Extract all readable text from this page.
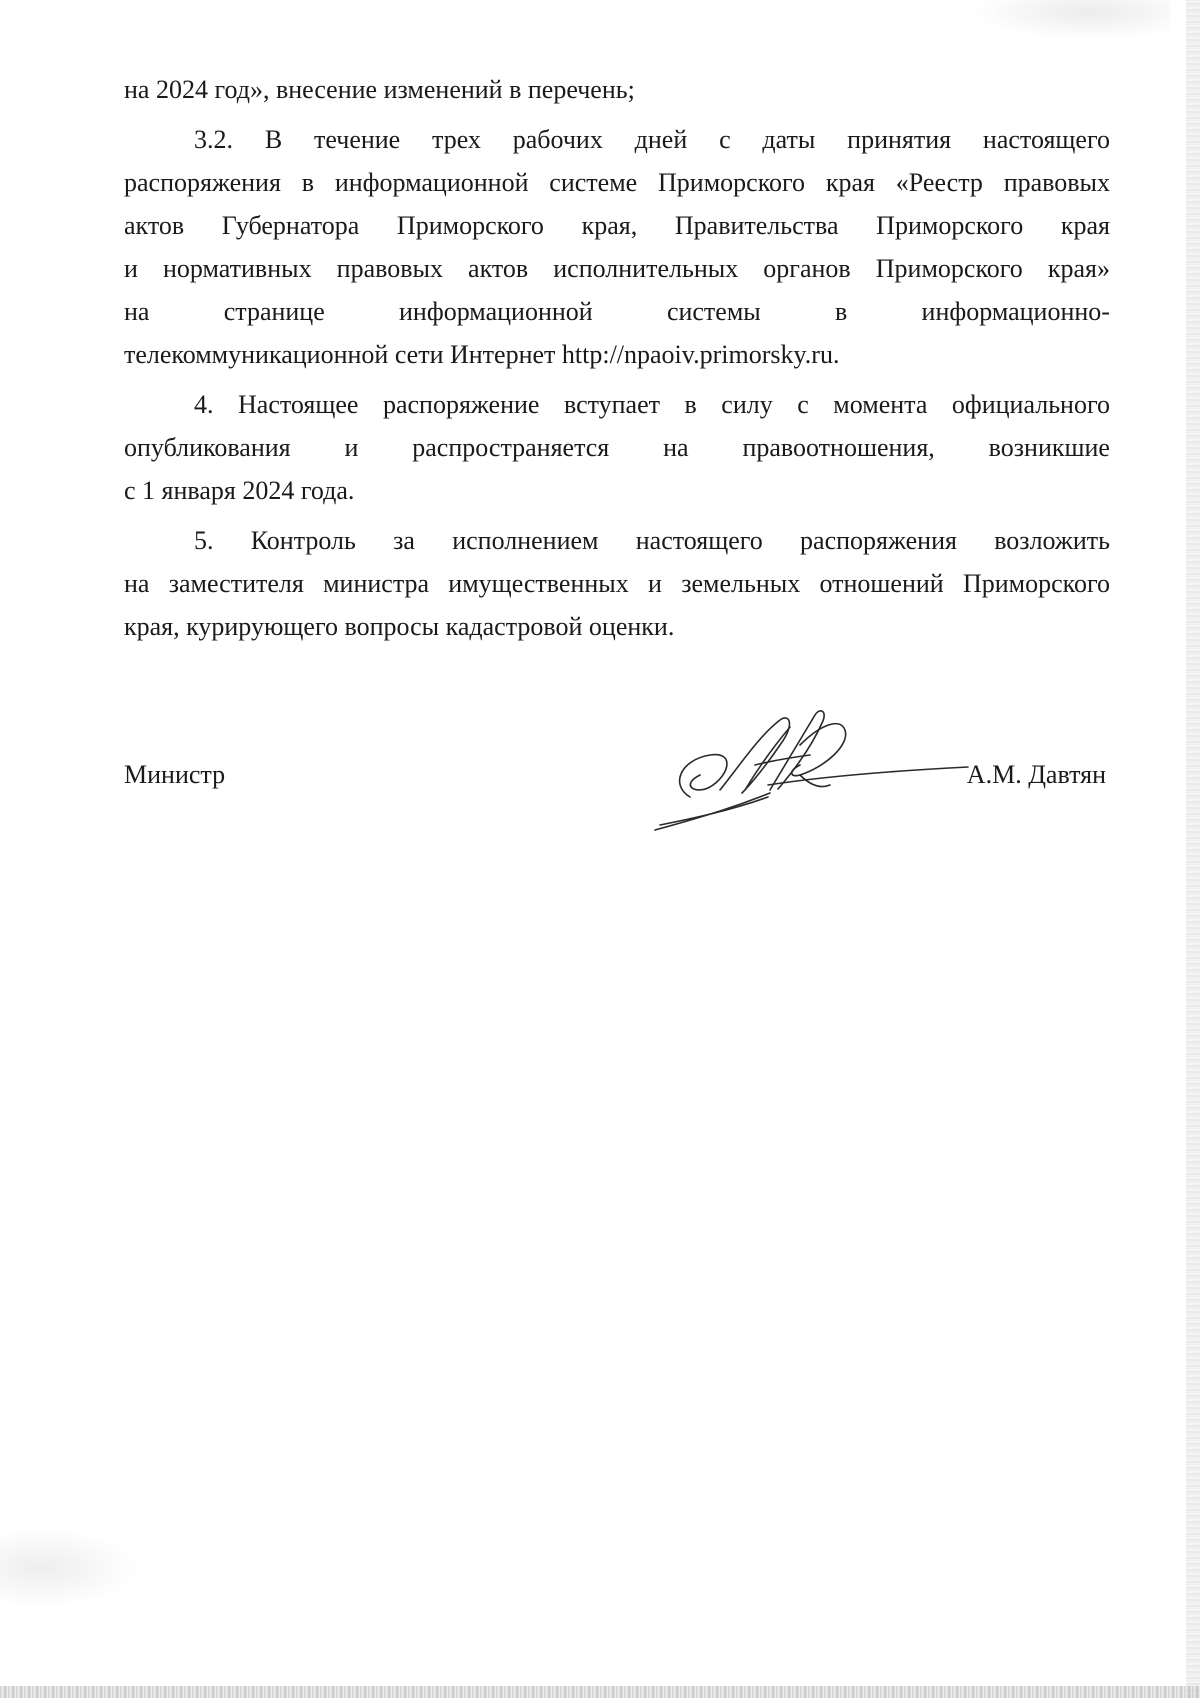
на 2024 год», внесение изменений в перечень;

3.2. В течение трех рабочих дней с даты принятия настоящего
распоряжения в информационной системе Приморского края «Реестр правовых
актов Губернатора Приморского края, Правительства Приморского края
и нормативных правовых актов исполнительных органов Приморского края»
на	странице	информационной	системы	в	информационно-
телекоммуникационной сети Интернет http://npaoiv.primorsky.ru.
4. Настоящее распоряжение вступает в силу с момента официального
опубликования и распространяется на правоотношения, возникшие
с 1 января 2024 года.
5. Контроль за исполнением настоящего распоряжения возложить
на заместителя министра имущественных и земельных отношений Приморского
края, курирующего вопросы кадастровой оценки.
Министр	А.М. Давтян
